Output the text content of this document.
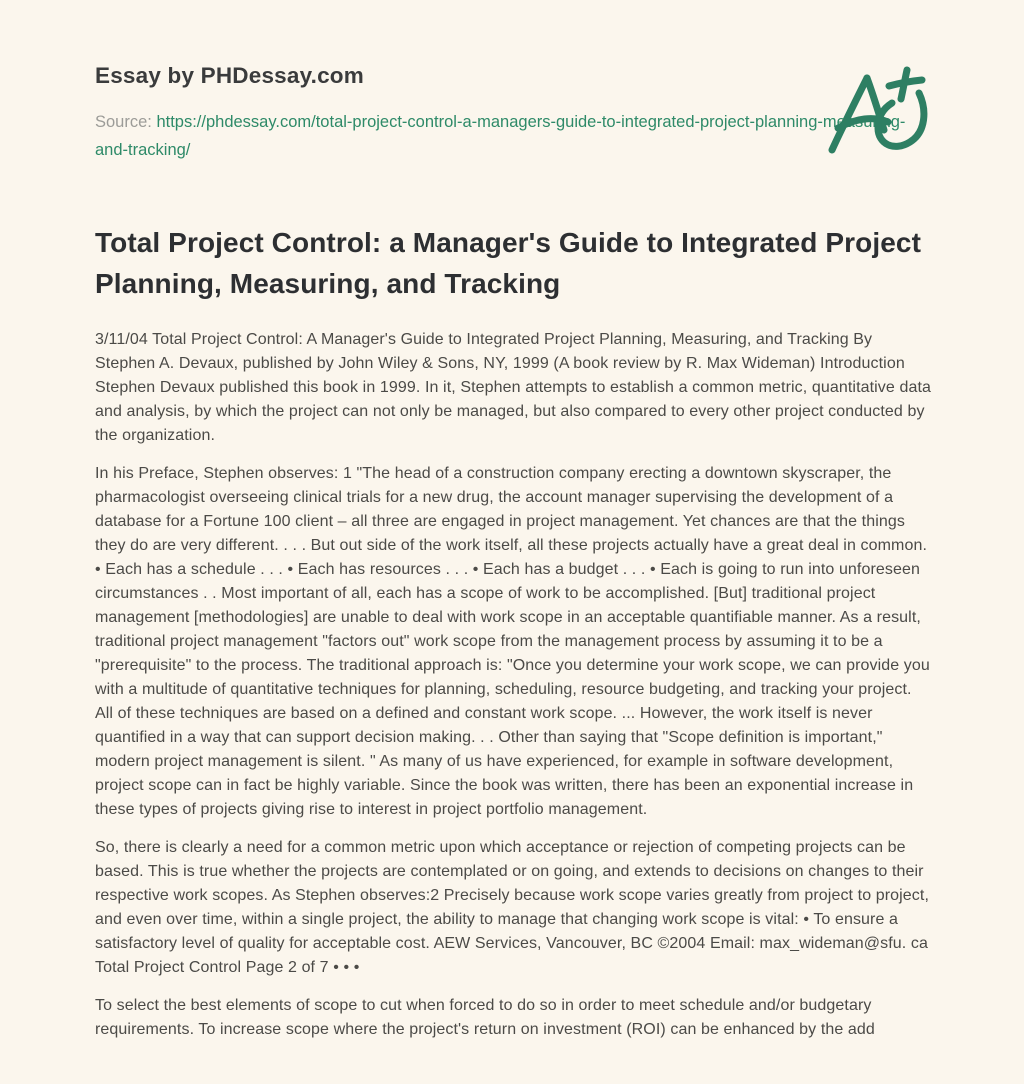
Essay by PHDessay.com

Source: https://phdessay.com/total-project-control-a-managers-guide-to-integrated-project-planning-measuring-and-tracking/

Total Project Control: a Manager's Guide to Integrated Project Planning, Measuring, and Tracking

3/11/04 Total Project Control: A Manager's Guide to Integrated Project Planning, Measuring, and Tracking By Stephen A. Devaux, published by John Wiley & Sons, NY, 1999 (A book review by R. Max Wideman) Introduction Stephen Devaux published this book in 1999. In it, Stephen attempts to establish a common metric, quantitative data and analysis, by which the project can not only be managed, but also compared to every other project conducted by the organization.

In his Preface, Stephen observes: 1 "The head of a construction company erecting a downtown skyscraper, the pharmacologist overseeing clinical trials for a new drug, the account manager supervising the development of a database for a Fortune 100 client – all three are engaged in project management. Yet chances are that the things they do are very different. . . . But out side of the work itself, all these projects actually have a great deal in common. • Each has a schedule . . . • Each has resources . . . • Each has a budget . . . • Each is going to run into unforeseen circumstances . . Most important of all, each has a scope of work to be accomplished. [But] traditional project management [methodologies] are unable to deal with work scope in an acceptable quantifiable manner. As a result, traditional project management "factors out" work scope from the management process by assuming it to be a "prerequisite" to the process. The traditional approach is: "Once you determine your work scope, we can provide you with a multitude of quantitative techniques for planning, scheduling, resource budgeting, and tracking your project. All of these techniques are based on a defined and constant work scope. ... However, the work itself is never quantified in a way that can support decision making. . . Other than saying that "Scope definition is important," modern project management is silent. " As many of us have experienced, for example in software development, project scope can in fact be highly variable. Since the book was written, there has been an exponential increase in these types of projects giving rise to interest in project portfolio management.

So, there is clearly a need for a common metric upon which acceptance or rejection of competing projects can be based. This is true whether the projects are contemplated or on going, and extends to decisions on changes to their respective work scopes. As Stephen observes:2 Precisely because work scope varies greatly from project to project, and even over time, within a single project, the ability to manage that changing work scope is vital: • To ensure a satisfactory level of quality for acceptable cost. AEW Services, Vancouver, BC ©2004 Email: max_wideman@sfu. ca Total Project Control Page 2 of 7 • • •

To select the best elements of scope to cut when forced to do so in order to meet schedule and/or budgetary requirements. To increase scope where the project's return on investment (ROI) can be enhanced by the add
